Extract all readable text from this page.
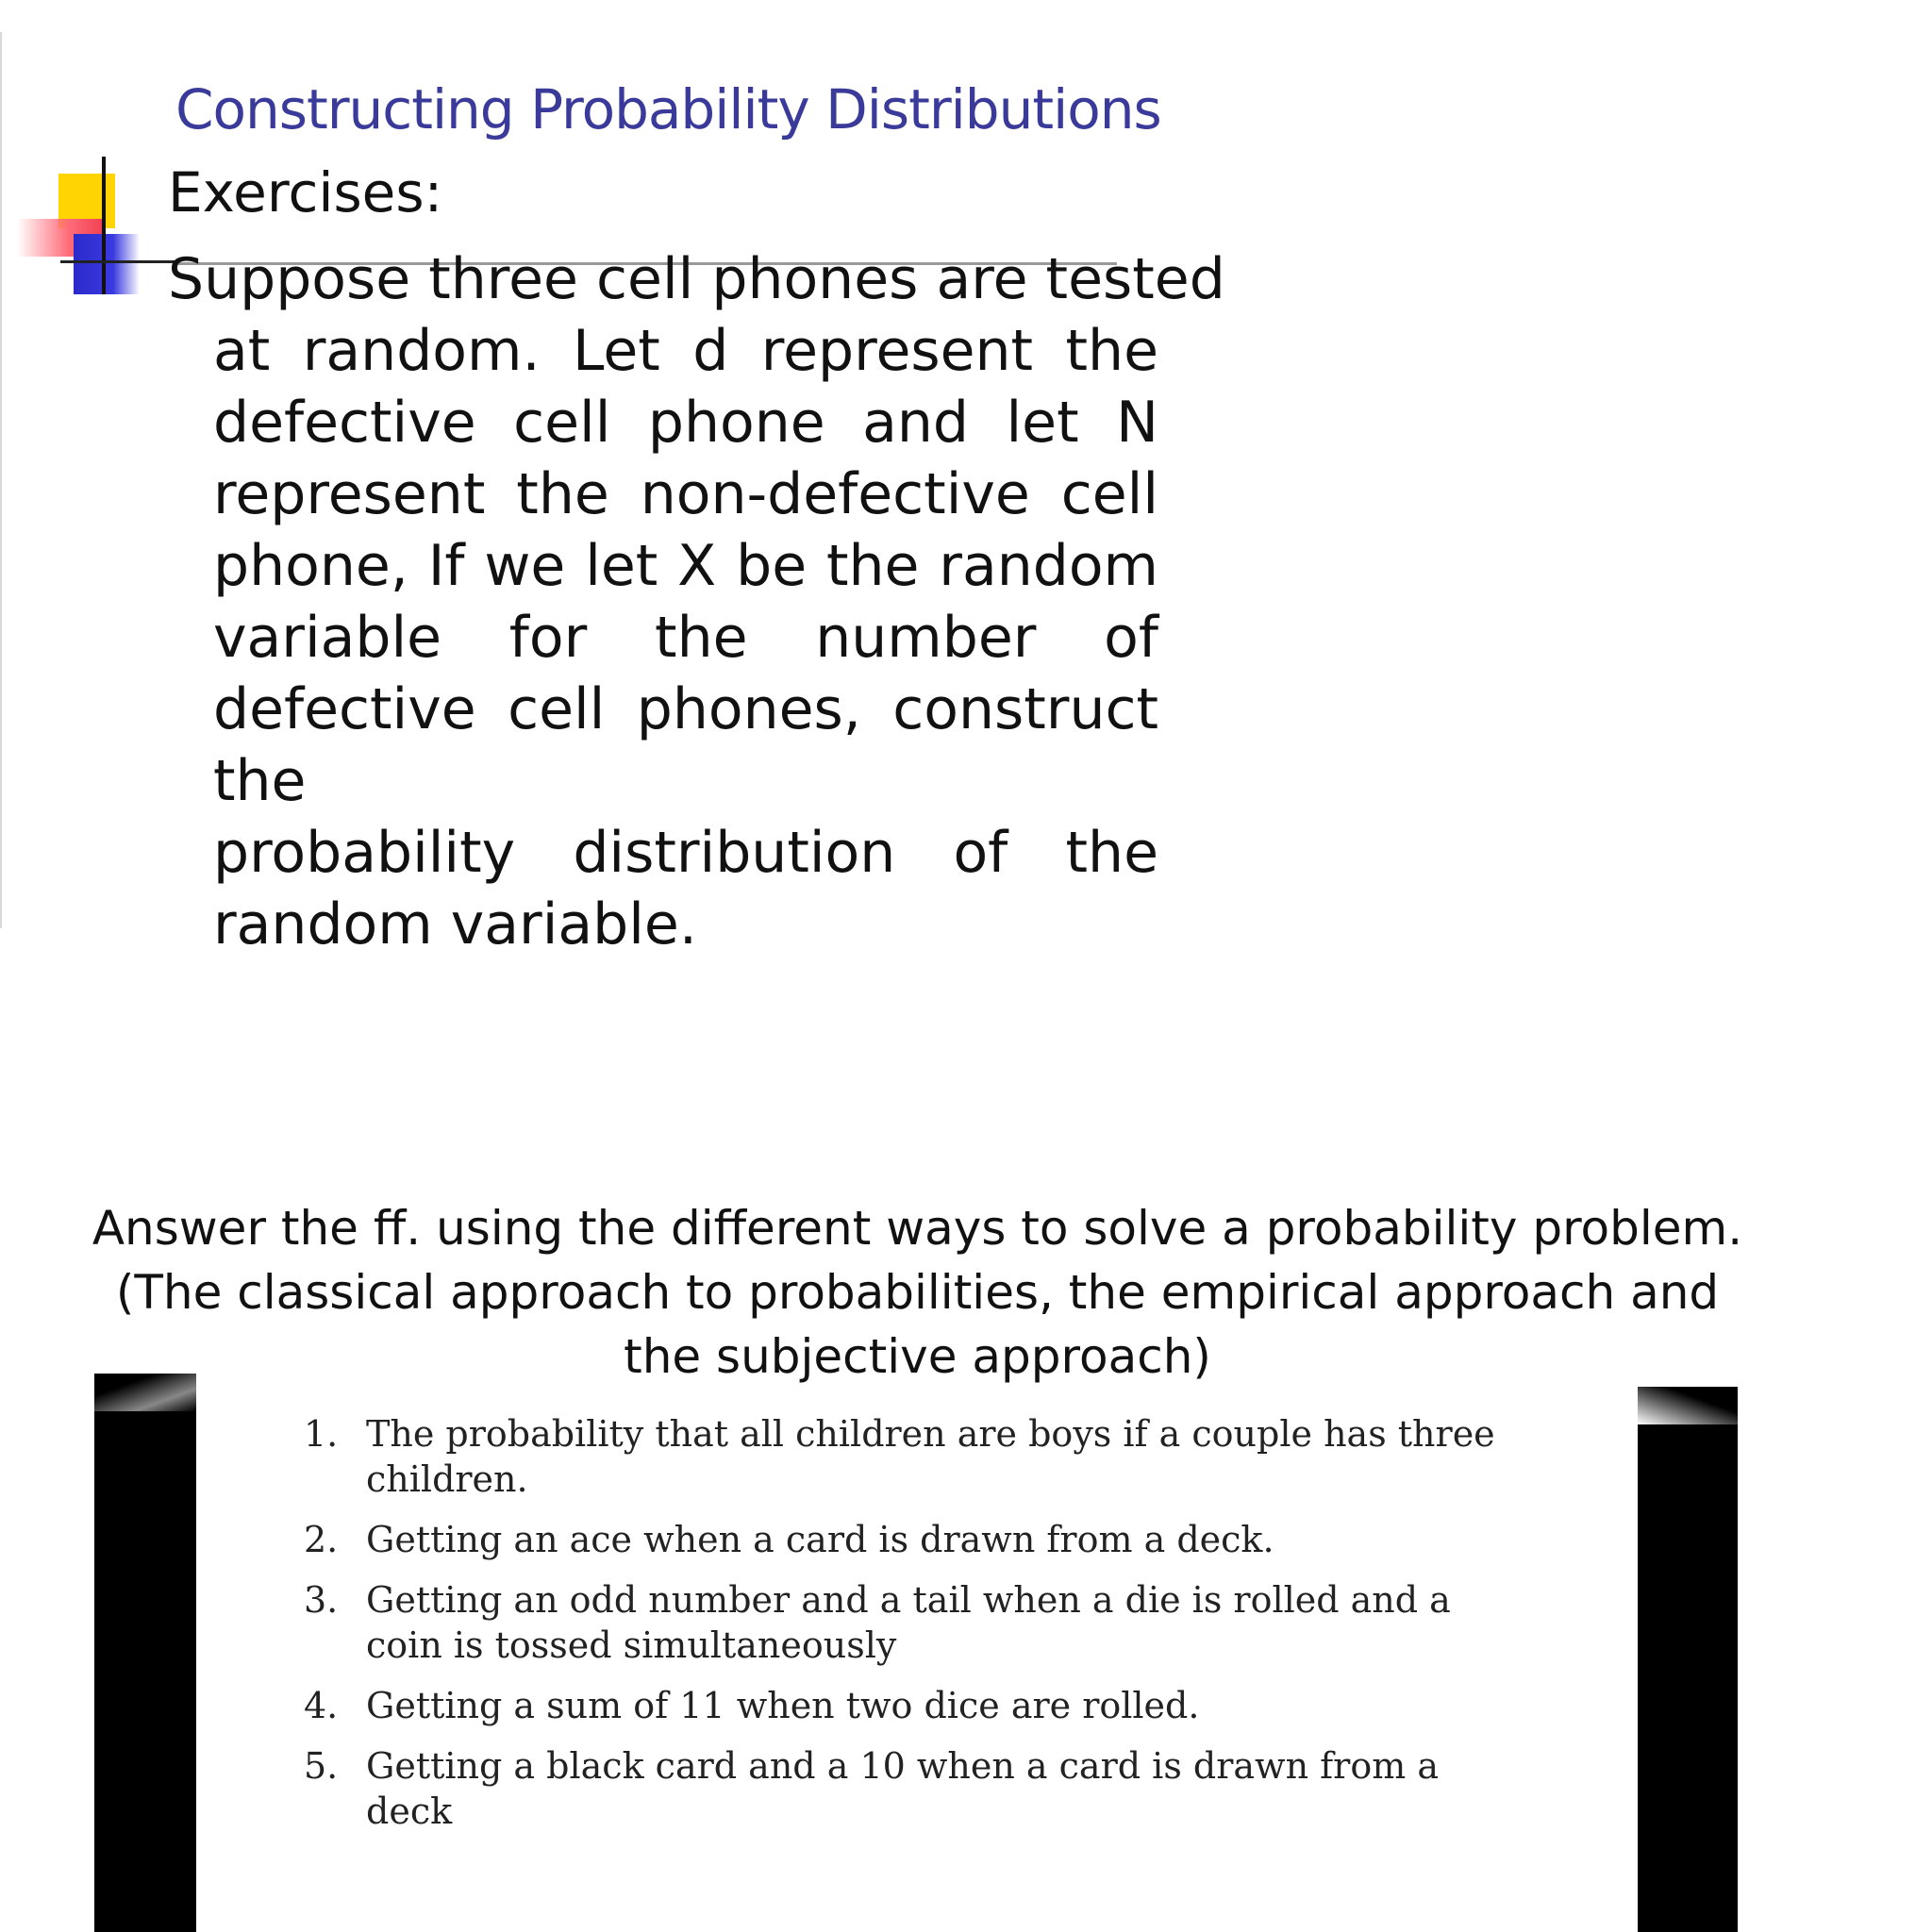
Constructing Probability Distributions
Exercises:
Suppose three cell phones are tested
at random. Let d represent the
defective cell phone and let N
represent the non-defective cell
phone, If we let X be the random
variable for the number of
defective cell phones, construct the
probability distribution of the
random variable.
Answer the ff. using the different ways to solve a probability problem.
(The classical approach to probabilities, the empirical approach and
the subjective approach)
1. The probability that all children are boys if a couple has three children.
2. Getting an ace when a card is drawn from a deck.
3. Getting an odd number and a tail when a die is rolled and a coin is tossed simultaneously
4. Getting a sum of 11 when two dice are rolled.
5. Getting a black card and a 10 when a card is drawn from a deck
